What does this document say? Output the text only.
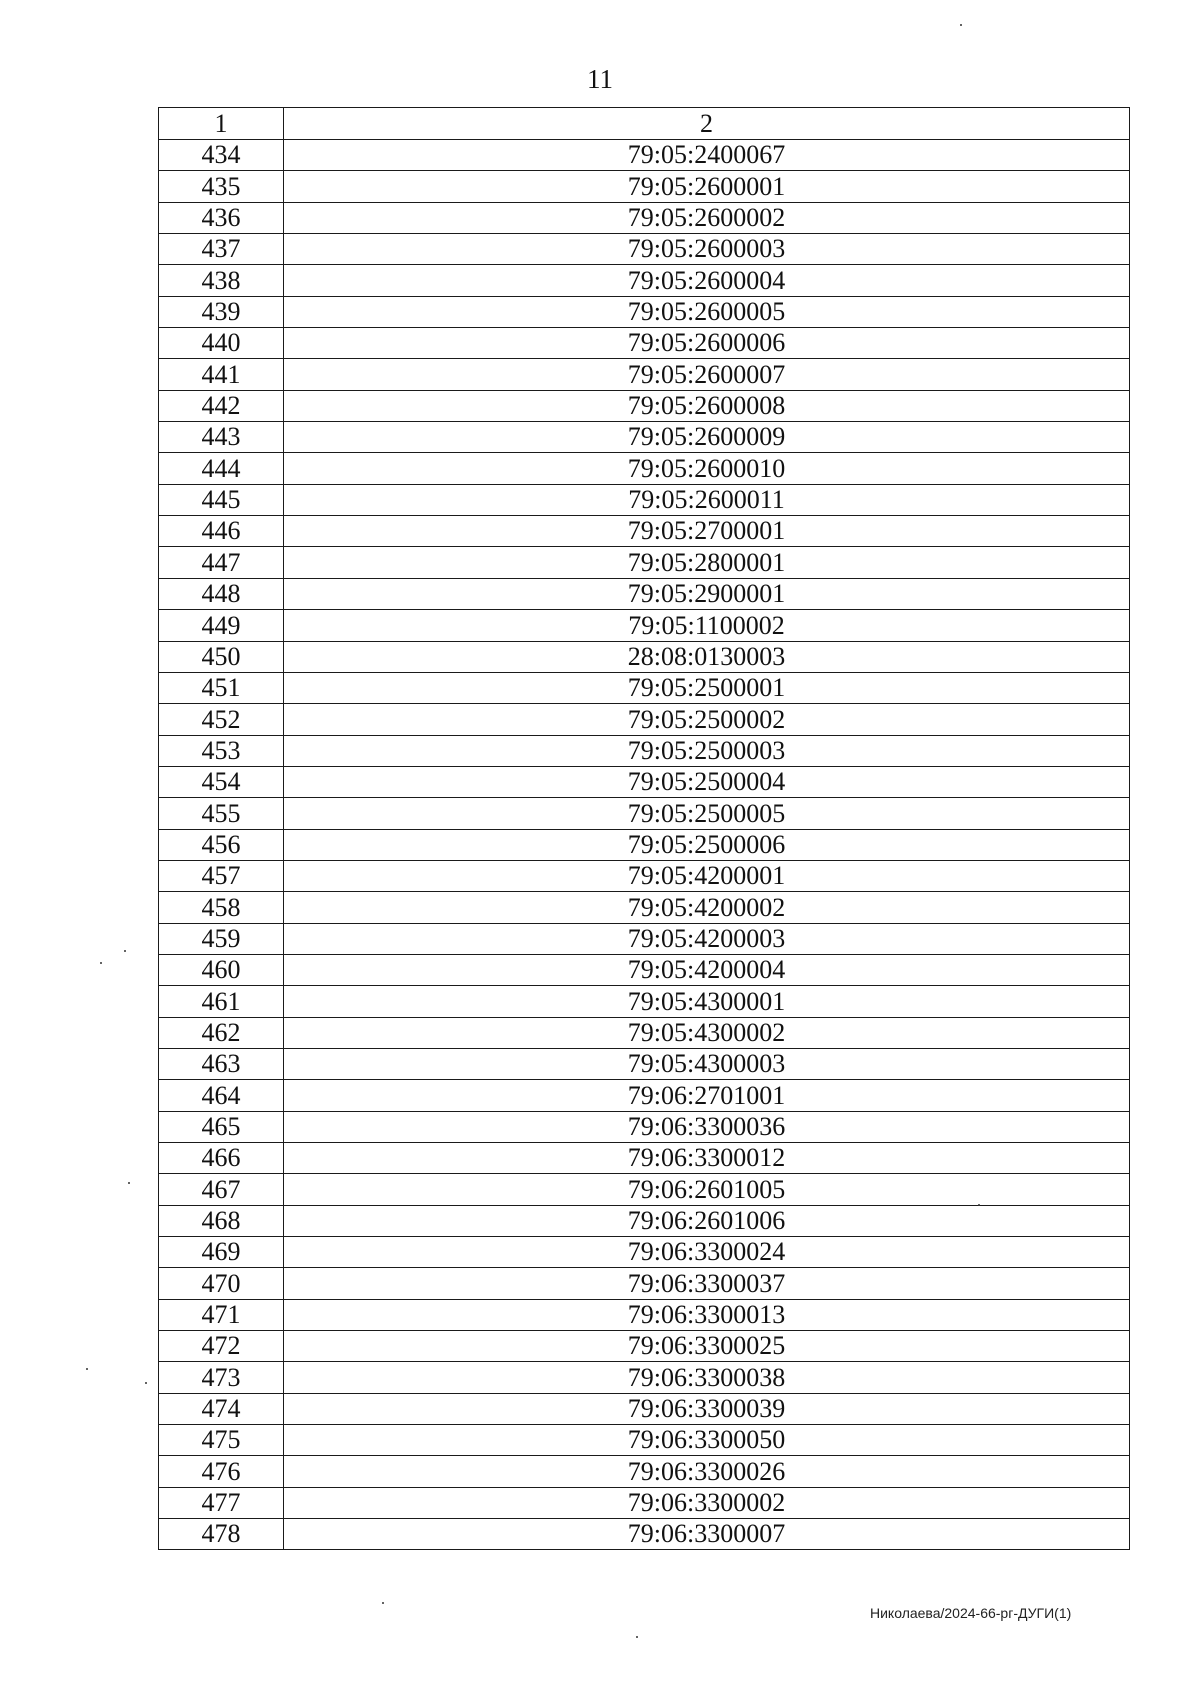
11
1	2
434	79:05:2400067
435	79:05:2600001
436	79:05:2600002
437	79:05:2600003
438	79:05:2600004
439	79:05:2600005
440	79:05:2600006
441	79:05:2600007
442	79:05:2600008
443	79:05:2600009
444	79:05:2600010
445	79:05:2600011
446	79:05:2700001
447	79:05:2800001
448	79:05:2900001
449	79:05:1100002
450	28:08:0130003
451	79:05:2500001
452	79:05:2500002
453	79:05:2500003
454	79:05:2500004
455	79:05:2500005
456	79:05:2500006
457	79:05:4200001
458	79:05:4200002
459	79:05:4200003
460	79:05:4200004
461	79:05:4300001
462	79:05:4300002
463	79:05:4300003
464	79:06:2701001
465	79:06:3300036
466	79:06:3300012
467	79:06:2601005
468	79:06:2601006
469	79:06:3300024
470	79:06:3300037
471	79:06:3300013
472	79:06:3300025
473	79:06:3300038
474	79:06:3300039
475	79:06:3300050
476	79:06:3300026
477	79:06:3300002
478	79:06:3300007
Николаева/2024-66-рг-ДУГИ(1)
